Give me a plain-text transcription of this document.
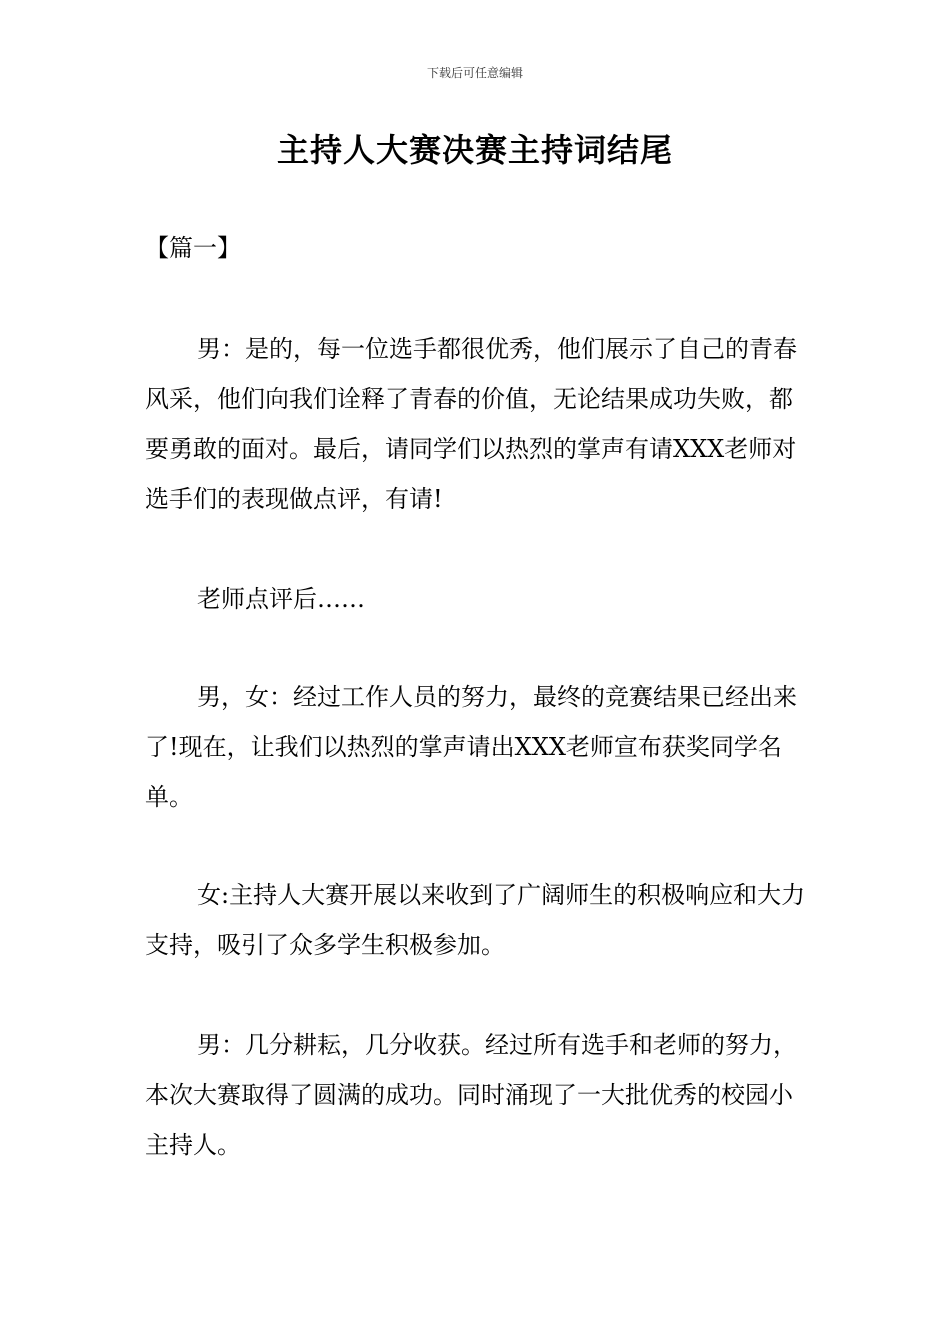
下载后可任意编辑
主持人大赛决赛主持词结尾
【篇一】

男：是的，每一位选手都很优秀，他们展示了自己的青春风采，他们向我们诠释了青春的价值，无论结果成功失败，都要勇敢的面对。最后，请同学们以热烈的掌声有请XXX老师对选手们的表现做点评，有请!

老师点评后……

男，女：经过工作人员的努力，最终的竞赛结果已经出来了!现在，让我们以热烈的掌声请出XXX老师宣布获奖同学名单。

女:主持人大赛开展以来收到了广阔师生的积极响应和大力支持，吸引了众多学生积极参加。

男：几分耕耘，几分收获。经过所有选手和老师的努力，本次大赛取得了圆满的成功。同时涌现了一大批优秀的校园小主持人。
